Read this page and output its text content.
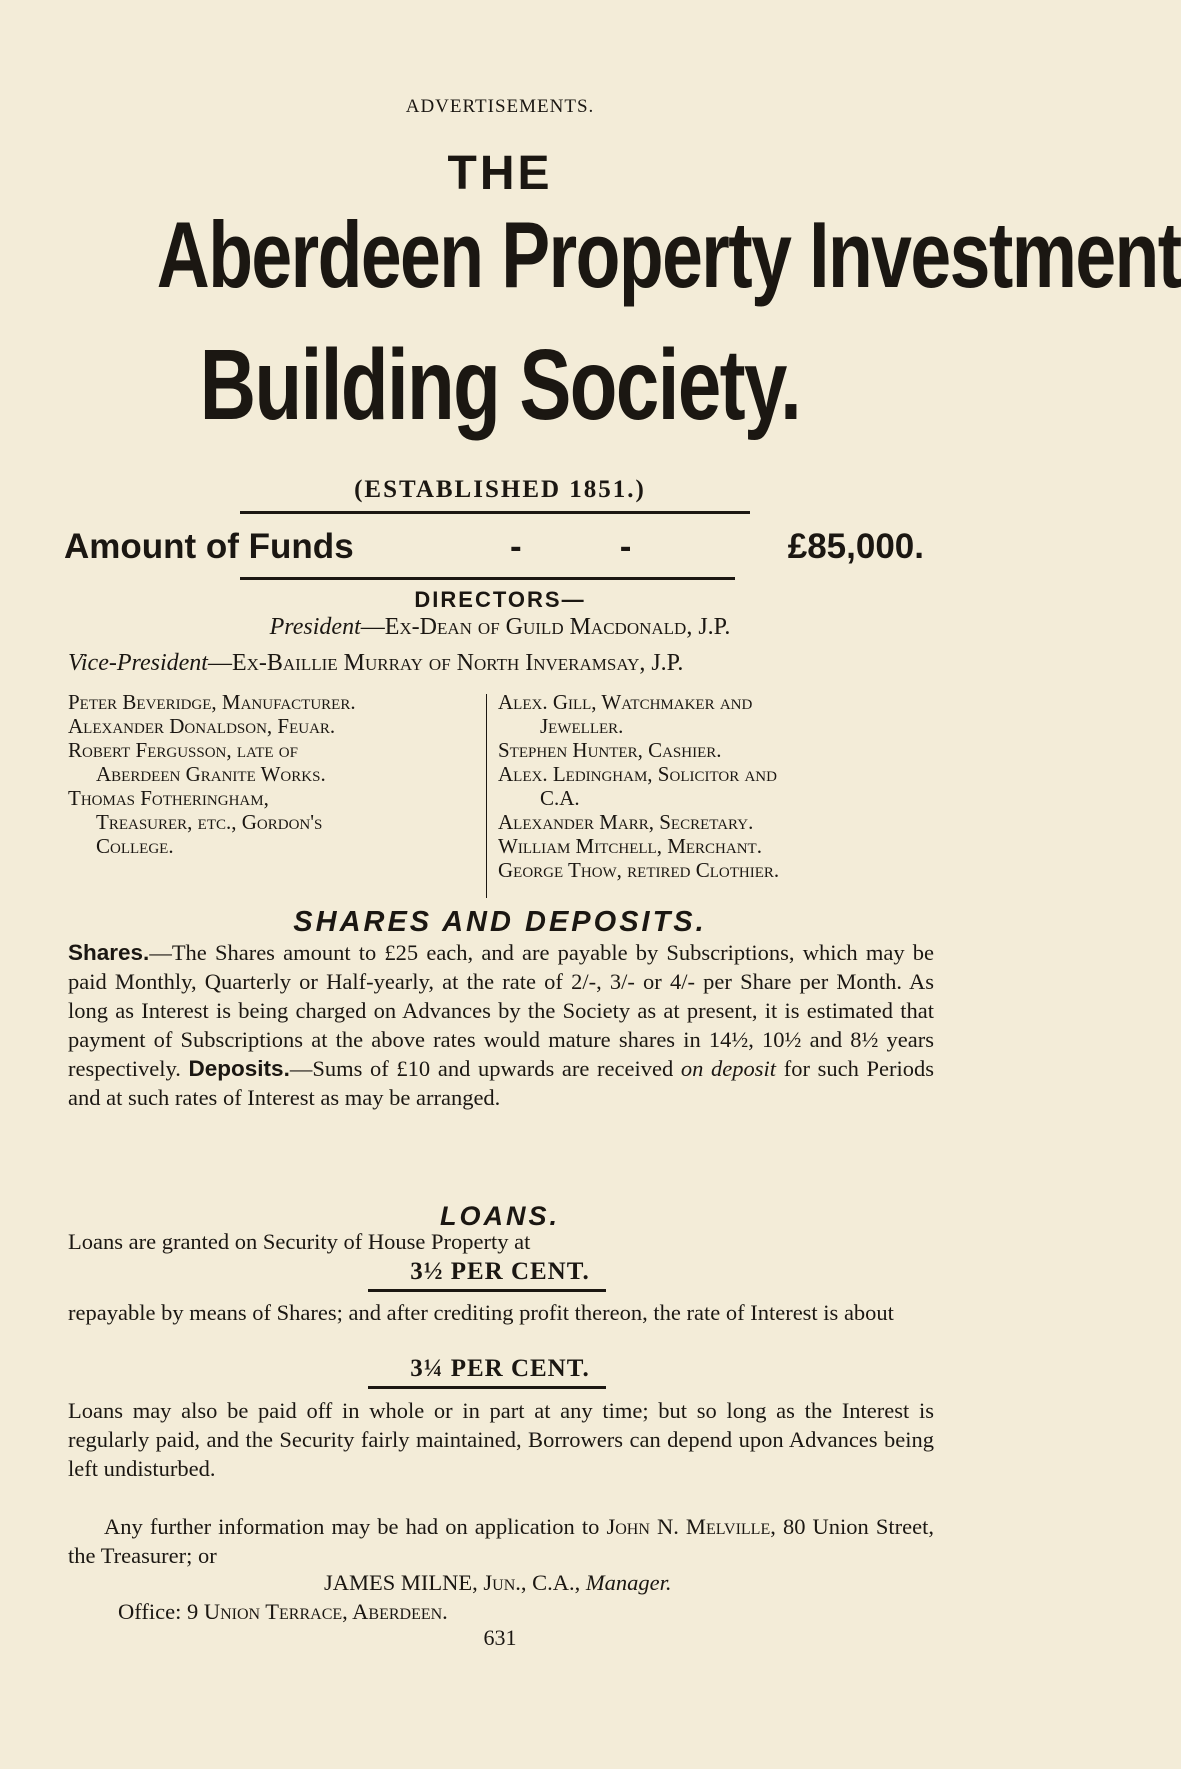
ADVERTISEMENTS.
THE
Aberdeen Property Investment
Building Society.
(ESTABLISHED 1851.)
Amount of Funds	-	-	£85,000.
DIRECTORS—
President—Ex-Dean of Guild Macdonald, J.P.
Vice-President—Ex-Baillie Murray of North Inveramsay, J.P.
Peter Beveridge, Manufacturer.
Alexander Donaldson, Feuar.
Robert Fergusson, late of
Aberdeen Granite Works.
Thomas Fotheringham,
Treasurer, etc., Gordon's
College.
Alex. Gill, Watchmaker and
Jeweller.
Stephen Hunter, Cashier.
Alex. Ledingham, Solicitor and
C.A.
Alexander Marr, Secretary.
William Mitchell, Merchant.
George Thow, retired Clothier.
SHARES AND DEPOSITS.
Shares.—The Shares amount to £25 each, and are payable by Subscriptions, which may be paid Monthly, Quarterly or Half-yearly, at the rate of 2/-, 3/- or 4/- per Share per Month. As long as Interest is being charged on Advances by the Society as at present, it is estimated that payment of Subscriptions at the above rates would mature shares in 14½, 10½ and 8½ years respectively. Deposits.—Sums of £10 and upwards are received on deposit for such Periods and at such rates of Interest as may be arranged.
LOANS.
Loans are granted on Security of House Property at
3½ PER CENT.
repayable by means of Shares; and after crediting profit thereon, the rate of Interest is about
3¼ PER CENT.
Loans may also be paid off in whole or in part at any time; but so long as the Interest is regularly paid, and the Security fairly maintained, Borrowers can depend upon Advances being left undisturbed.
Any further information may be had on application to John N. Melville, 80 Union Street, the Treasurer; or
JAMES MILNE, Jun., C.A., Manager.
Office: 9 Union Terrace, Aberdeen.
631
